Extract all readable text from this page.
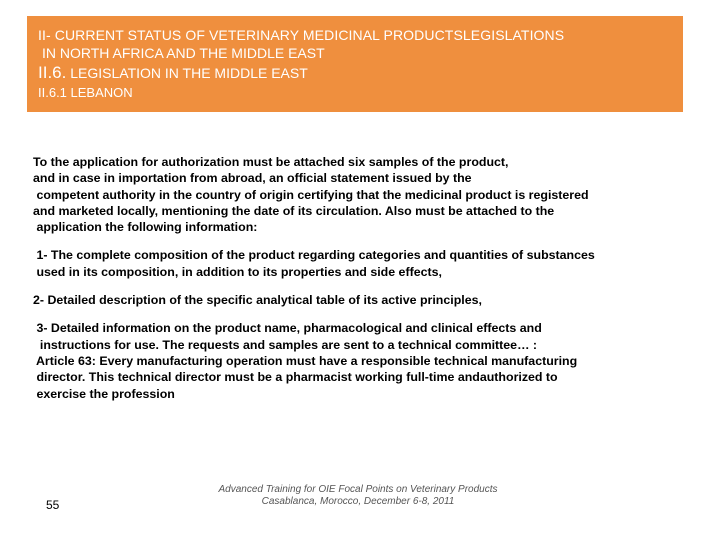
II- CURRENT STATUS OF VETERINARY MEDICINAL PRODUCTSLEGISLATIONS
IN NORTH AFRICA AND THE MIDDLE EAST
II.6. LEGISLATION IN THE MIDDLE EAST
II.6.1 LEBANON

To the application for authorization must be attached six samples of the product,

and in case in importation from abroad, an official statement issued by the

competent authority in the country of origin certifying that the medicinal product is registered

and marketed locally, mentioning the date of its circulation. Also must be attached to the

application the following information:

1- The complete composition of the product regarding categories and quantities of substances

used in its composition, in addition to its properties and side effects,

2- Detailed description of the specific analytical table of its active principles,

3- Detailed information on the product name, pharmacological and clinical effects and

instructions for use. The requests and samples are sent to a technical committee… :

Article 63: Every manufacturing operation must have a responsible technical manufacturing

director. This technical director must be a pharmacist working full-time andauthorized to

exercise the profession

55
Advanced Training for OIE Focal Points on Veterinary Products
Casablanca, Morocco, December 6-8, 2011
